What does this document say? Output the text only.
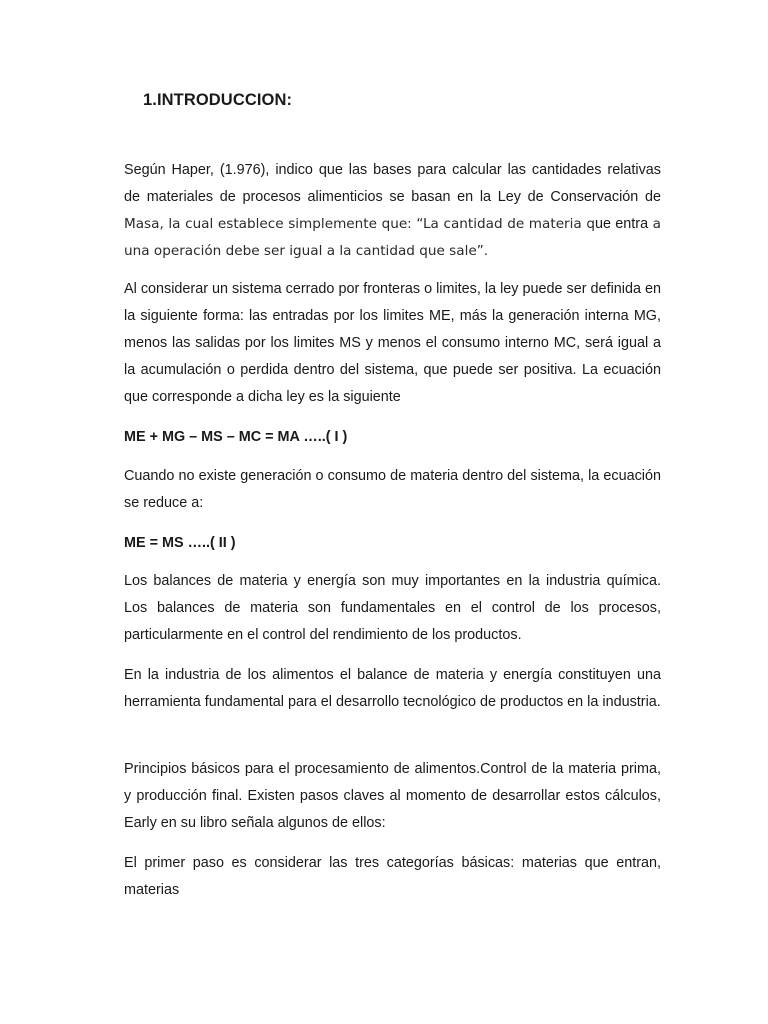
1.INTRODUCCION:
Según Haper, (1.976), indico que las bases para calcular las cantidades relativas
de materiales de procesos alimenticios se basan en la Ley de Conservación de
Masa, la cual establece simplemente que: “La cantidad de materia que entra a
una operación debe ser igual a la cantidad que sale”.

Al considerar un sistema cerrado por fronteras o limites, la ley puede ser definida en la siguiente forma: las entradas por los limites ME, más la generación interna MG, menos las salidas por los limites MS y menos el consumo interno MC, será igual a la acumulación o perdida dentro del sistema, que puede ser positiva. La ecuación que corresponde a dicha ley es la siguiente

ME + MG – MS – MC = MA …..( I )

Cuando no existe generación o consumo de materia dentro del sistema, la ecuación se reduce a:

ME = MS …..( II )

Los balances de materia y energía son muy importantes en la industria química. Los balances de materia son fundamentales en el control de los procesos, particularmente en el control del rendimiento de los productos.

En la industria de los alimentos el balance de materia y energía constituyen una herramienta fundamental para el desarrollo tecnológico de productos en la industria.

Principios básicos para el procesamiento de alimentos.Control de la materia prima, y producción final. Existen pasos claves al momento de desarrollar estos cálculos, Early en su libro señala algunos de ellos:

El primer paso es considerar las tres categorías básicas: materias que entran, materias
